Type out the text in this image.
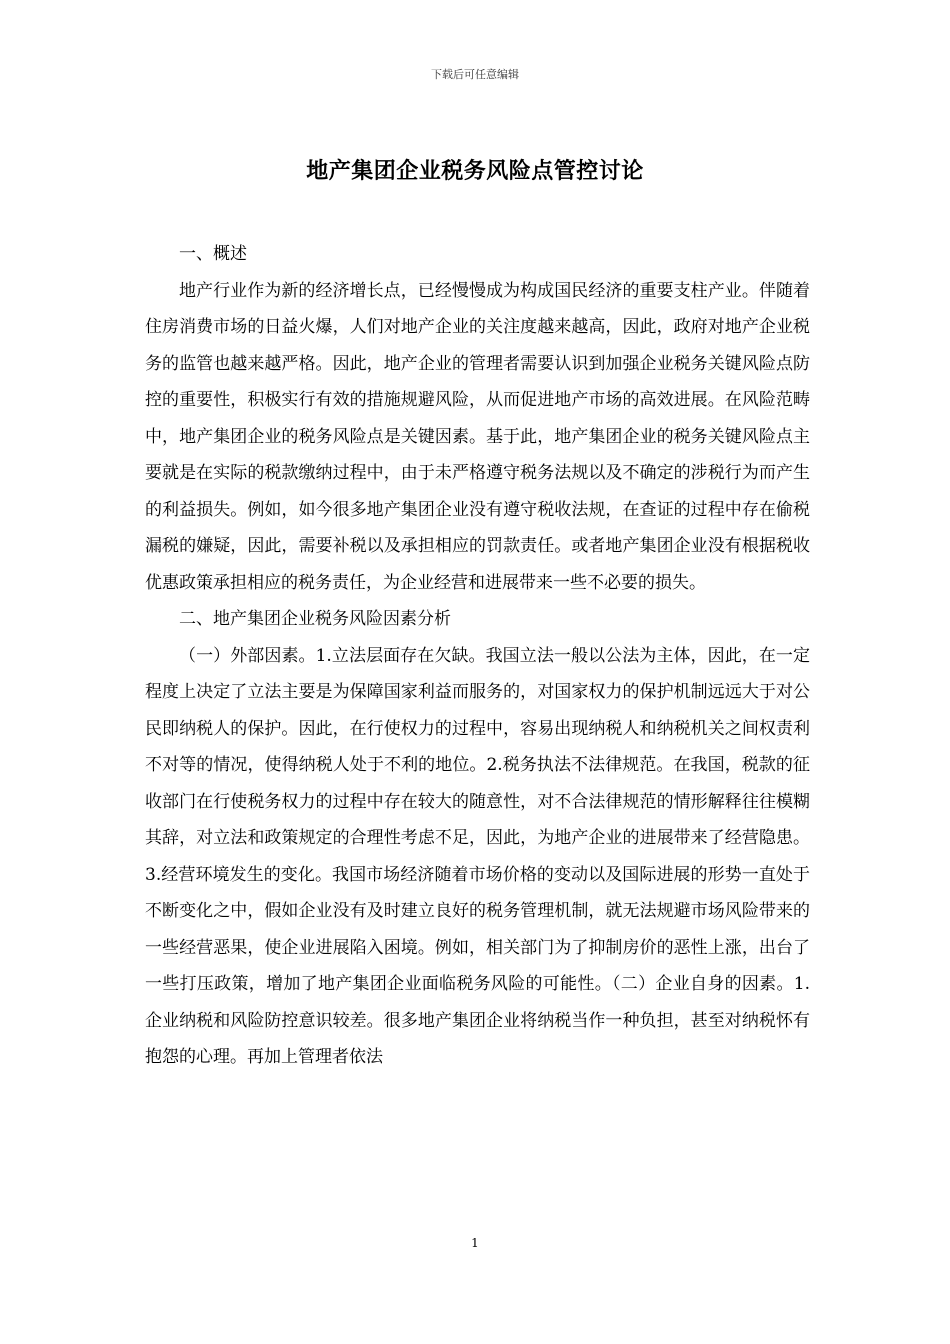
下载后可任意编辑
地产集团企业税务风险点管控讨论

一、概述

地产行业作为新的经济增长点，已经慢慢成为构成国民经济的重要支柱产业。伴随着住房消费市场的日益火爆，人们对地产企业的关注度越来越高，因此，政府对地产企业税务的监管也越来越严格。因此，地产企业的管理者需要认识到加强企业税务关键风险点防控的重要性，积极实行有效的措施规避风险，从而促进地产市场的高效进展。在风险范畴中，地产集团企业的税务风险点是关键因素。基于此，地产集团企业的税务关键风险点主要就是在实际的税款缴纳过程中，由于未严格遵守税务法规以及不确定的涉税行为而产生的利益损失。例如，如今很多地产集团企业没有遵守税收法规，在查证的过程中存在偷税漏税的嫌疑，因此，需要补税以及承担相应的罚款责任。或者地产集团企业没有根据税收优惠政策承担相应的税务责任，为企业经营和进展带来一些不必要的损失。

二、地产集团企业税务风险因素分析

（一）外部因素。1.立法层面存在欠缺。我国立法一般以公法为主体，因此，在一定程度上决定了立法主要是为保障国家利益而服务的，对国家权力的保护机制远远大于对公民即纳税人的保护。因此，在行使权力的过程中，容易出现纳税人和纳税机关之间权责利不对等的情况，使得纳税人处于不利的地位。2.税务执法不法律规范。在我国，税款的征收部门在行使税务权力的过程中存在较大的随意性，对不合法律规范的情形解释往往模糊其辞，对立法和政策规定的合理性考虑不足，因此，为地产企业的进展带来了经营隐患。3.经营环境发生的变化。我国市场经济随着市场价格的变动以及国际进展的形势一直处于不断变化之中，假如企业没有及时建立良好的税务管理机制，就无法规避市场风险带来的一些经营恶果，使企业进展陷入困境。例如，相关部门为了抑制房价的恶性上涨，出台了一些打压政策，增加了地产集团企业面临税务风险的可能性。（二）企业自身的因素。1.企业纳税和风险防控意识较差。很多地产集团企业将纳税当作一种负担，甚至对纳税怀有抱怨的心理。再加上管理者依法

1
